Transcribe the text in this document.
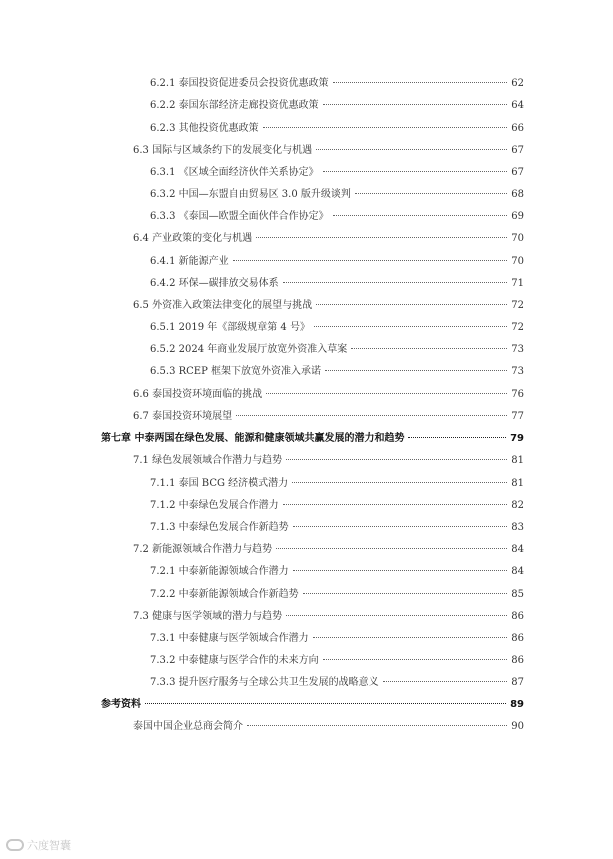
6.2.1 泰国投资促进委员会投资优惠政策	62
6.2.2 泰国东部经济走廊投资优惠政策	64
6.2.3 其他投资优惠政策	66
6.3 国际与区域条约下的发展变化与机遇	67
6.3.1 《区域全面经济伙伴关系协定》	67
6.3.2 中国—东盟自由贸易区 3.0 版升级谈判	68
6.3.3 《泰国—欧盟全面伙伴合作协定》	69
6.4 产业政策的变化与机遇	70
6.4.1 新能源产业	70
6.4.2 环保—碳排放交易体系	71
6.5 外资准入政策法律变化的展望与挑战	72
6.5.1 2019 年《部级规章第 4 号》	72
6.5.2 2024 年商业发展厅放宽外资准入草案	73
6.5.3 RCEP 框架下放宽外资准入承诺	73
6.6 泰国投资环境面临的挑战	76
6.7 泰国投资环境展望	77
第七章 中泰两国在绿色发展、能源和健康领域共赢发展的潜力和趋势	79
7.1 绿色发展领域合作潜力与趋势	81
7.1.1 泰国 BCG 经济模式潜力	81
7.1.2 中泰绿色发展合作潜力	82
7.1.3 中泰绿色发展合作新趋势	83
7.2 新能源领域合作潜力与趋势	84
7.2.1 中泰新能源领域合作潜力	84
7.2.2 中泰新能源领域合作新趋势	85
7.3 健康与医学领域的潜力与趋势	86
7.3.1 中泰健康与医学领域合作潜力	86
7.3.2 中泰健康与医学合作的未来方向	86
7.3.3 提升医疗服务与全球公共卫生发展的战略意义	87
参考资料	89
泰国中国企业总商会简介	90
六度智囊
